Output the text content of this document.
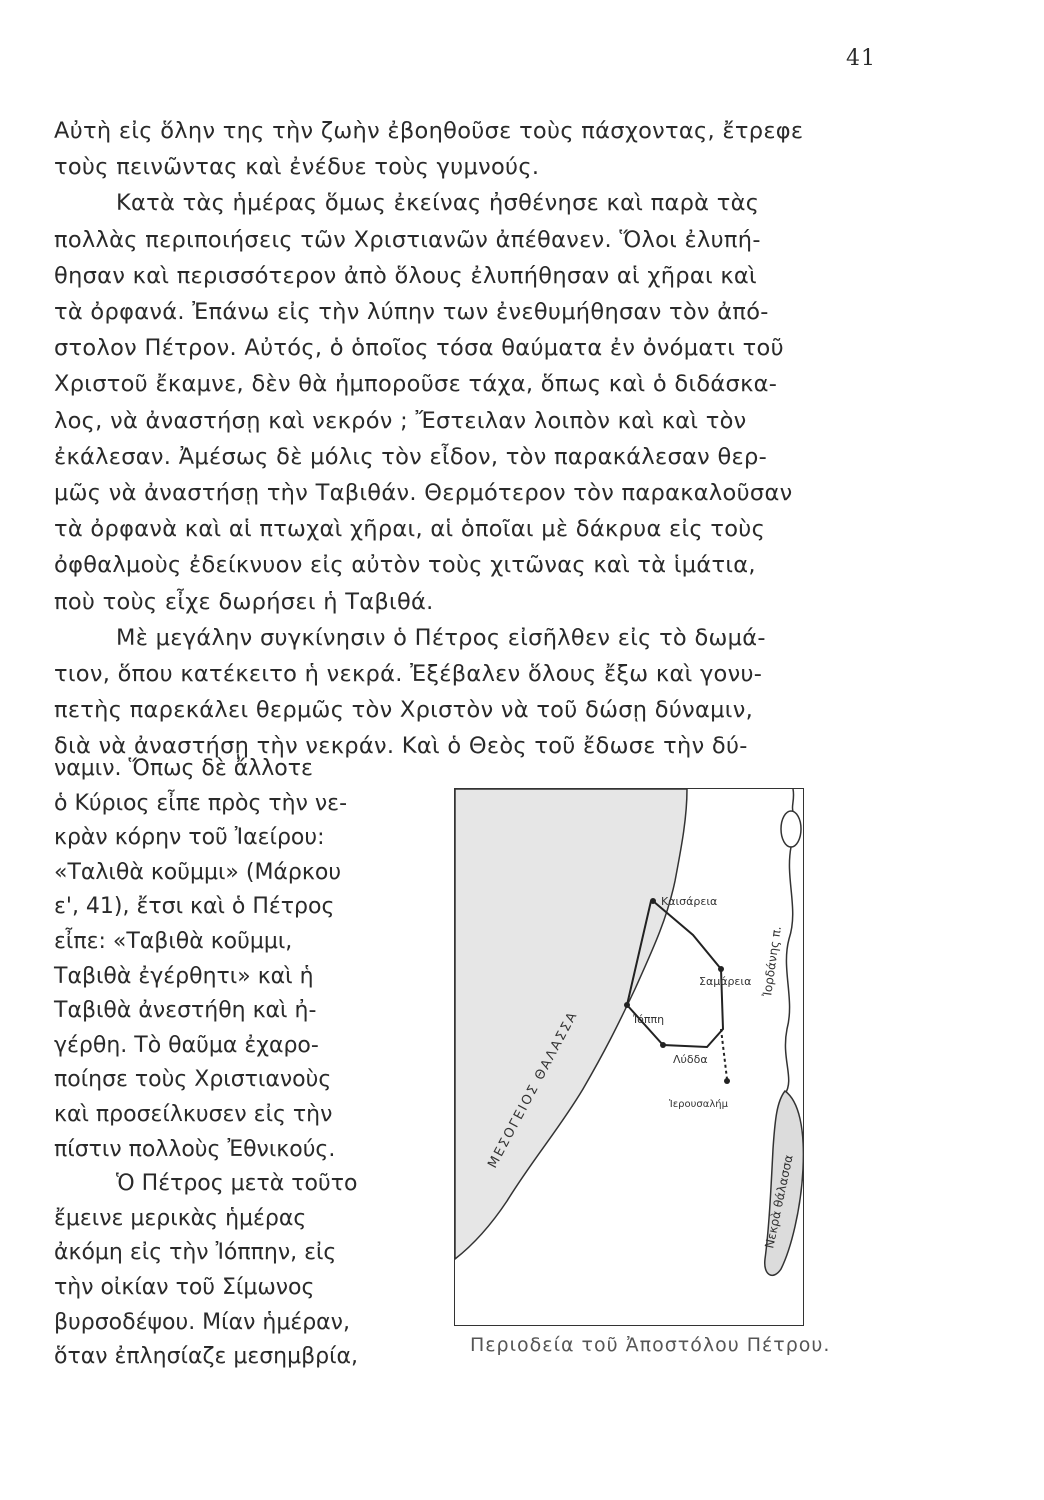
41
Αὐτὴ εἰς ὅλην της τὴν ζωὴν ἐβοηθοῦσε τοὺς πάσχοντας, ἔτρεφε
τοὺς πεινῶντας καὶ ἐνέδυε τοὺς γυμνούς.
Κατὰ τὰς ἡμέρας ὅμως ἐκείνας ἠσθένησε καὶ παρὰ τὰς
πολλὰς περιποιήσεις τῶν Χριστιανῶν ἀπέθανεν. Ὅλοι ἐλυπή-
θησαν καὶ περισσότερον ἀπὸ ὅλους ἐλυπήθησαν αἱ χῆραι καὶ
τὰ ὀρφανά. Ἐπάνω εἰς τὴν λύπην των ἐνεθυμήθησαν τὸν ἀπό-
στολον Πέτρον. Αὐτός, ὁ ὁποῖος τόσα θαύματα ἐν ὀνόματι τοῦ
Χριστοῦ ἔκαμνε, δὲν θὰ ἠμποροῦσε τάχα, ὅπως καὶ ὁ διδάσκα-
λος, νὰ ἀναστήσῃ καὶ νεκρόν ; Ἔστειλαν λοιπὸν καὶ καὶ τὸν
ἐκάλεσαν. Ἀμέσως δὲ μόλις τὸν εἶδον, τὸν παρακάλεσαν θερ-
μῶς νὰ ἀναστήσῃ τὴν Ταβιθάν. Θερμότερον τὸν παρακαλοῦσαν
τὰ ὀρφανὰ καὶ αἱ πτωχαὶ χῆραι, αἱ ὁποῖαι μὲ δάκρυα εἰς τοὺς
ὀφθαλμοὺς ἐδείκνυον εἰς αὐτὸν τοὺς χιτῶνας καὶ τὰ ἱμάτια,
ποὺ τοὺς εἶχε δωρήσει ἡ Ταβιθά.
Μὲ μεγάλην συγκίνησιν ὁ Πέτρος εἰσῆλθεν εἰς τὸ δωμά-
τιον, ὅπου κατέκειτο ἡ νεκρά. Ἐξέβαλεν ὅλους ἔξω καὶ γονυ-
πετὴς παρεκάλει θερμῶς τὸν Χριστὸν νὰ τοῦ δώσῃ δύναμιν,
διὰ νὰ ἀναστήσῃ τὴν νεκράν. Καὶ ὁ Θεὸς τοῦ ἔδωσε τὴν δύ-
ναμιν. Ὅπως δὲ ἄλλοτε
ὁ Κύριος εἶπε πρὸς τὴν νε-
κρὰν κόρην τοῦ Ἰαείρου:
«Ταλιθὰ κοῦμμι» (Μάρκου
ε', 41), ἔτσι καὶ ὁ Πέτρος
εἶπε: «Ταβιθὰ κοῦμμι,
Ταβιθὰ ἐγέρθητι» καὶ ἡ
Ταβιθὰ ἀνεστήθη καὶ ἠ-
γέρθη. Τὸ θαῦμα ἐχαρο-
ποίησε τοὺς Χριστιανοὺς
καὶ προσείλκυσεν εἰς τὴν
πίστιν πολλοὺς Ἐθνικούς.
Ὁ Πέτρος μετὰ τοῦτο
ἔμεινε μερικὰς ἡμέρας
ἀκόμη εἰς τὴν Ἰόππην, εἰς
τὴν οἰκίαν τοῦ Σίμωνος
βυρσοδέψου. Μίαν ἡμέραν,
ὅταν ἐπλησίαζε μεσημβρία,
Καισάρεια
Σαμάρεια
Ἰόππη
Λύδδα
Ἱερουσαλήμ
ΜΕΣΟΓΕΙΟΣ ΘΑΛΑΣΣΑ
Ἰορδάνης π.
Νεκρὰ θάλασσα
Περιοδεία τοῦ Ἀποστόλου Πέτρου.
